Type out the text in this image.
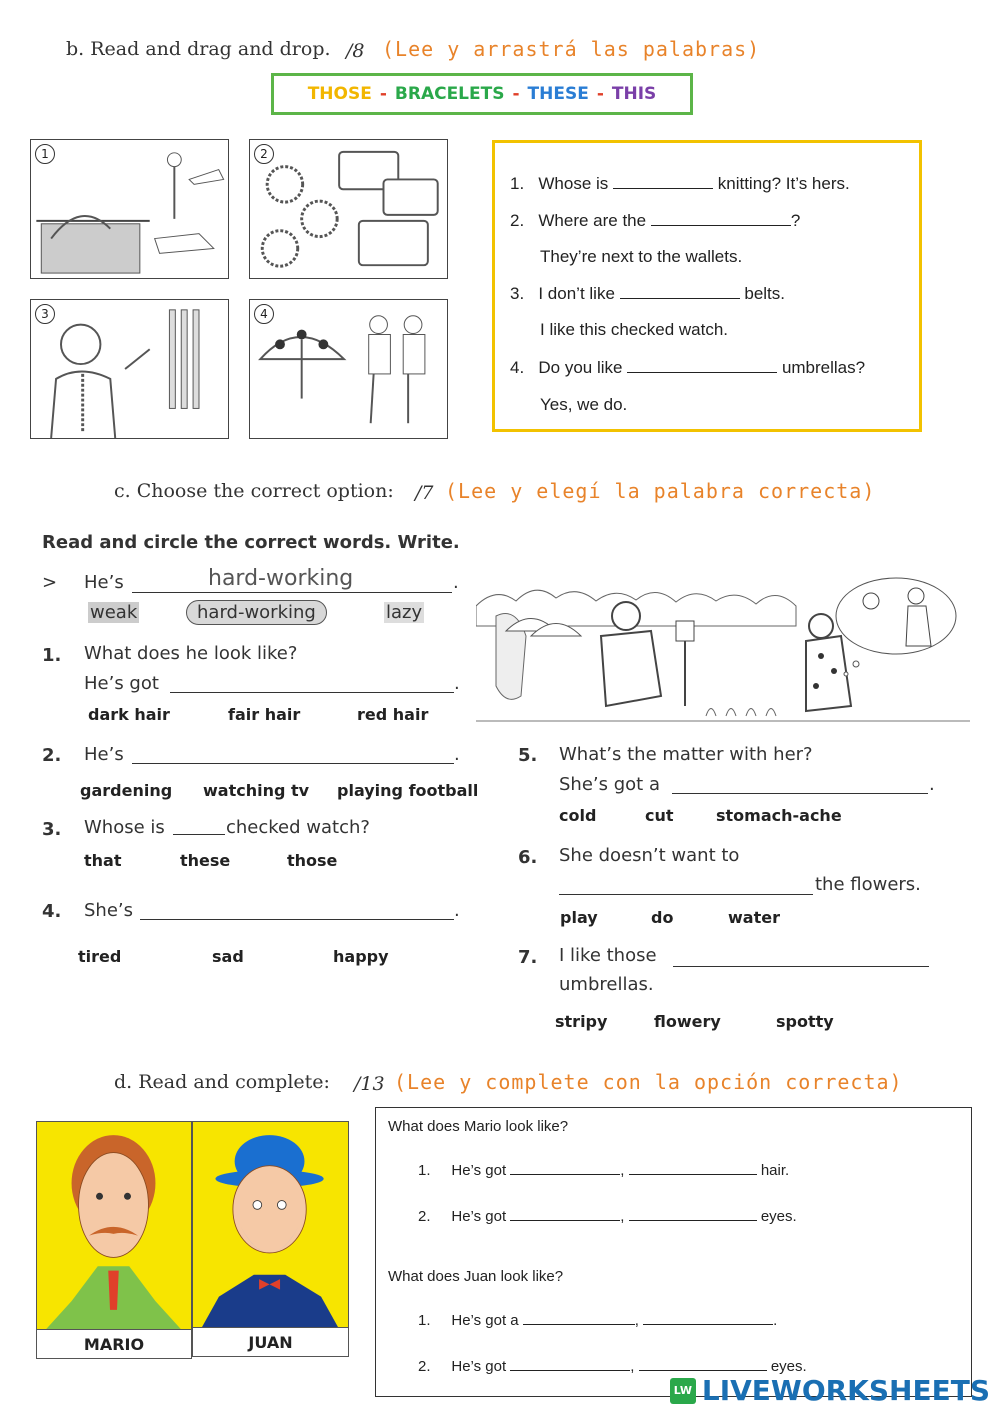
b. Read and drag and drop. /8 (Lee y arrastrá las palabras)
THOSE - BRACELETS - THESE - THIS
1	2
3	4
1. Whose is	knitting? It’s hers.
2. Where are the	?
They’re next to the wallets.
3. I don’t like	belts.
I like this checked watch.
4. Do you like	umbrellas?
Yes, we do.
c. Choose the correct option: /7 (Lee y elegí la palabra correcta)
Read and circle the correct words. Write.
> He’s	hard-working	.
weak	hard-working	lazy
1. What does he look like?
He’s got	.
dark hair	fair hair	red hair
2. He’s	.
gardening watching tv playing football
3. Whose is	checked watch?
that	these	those
4. She’s	.
tired	sad	happy
5. What’s the matter with her?
She’s got a	.
cold	cut	stomach-ache
6. She doesn’t want to
the flowers.
play	do	water
7. I like those
umbrellas.
stripy	flowery	spotty
d. Read and complete: /13 (Lee y complete con la opción correcta)
MARIO	JUAN
What does Mario look like?
1. He’s got	,	hair.
2. He’s got	,	eyes.
What does Juan look like?
1. He’s got a	,	.
2. He’s got	,	eyes.
LW LIVEWORKSHEETS
